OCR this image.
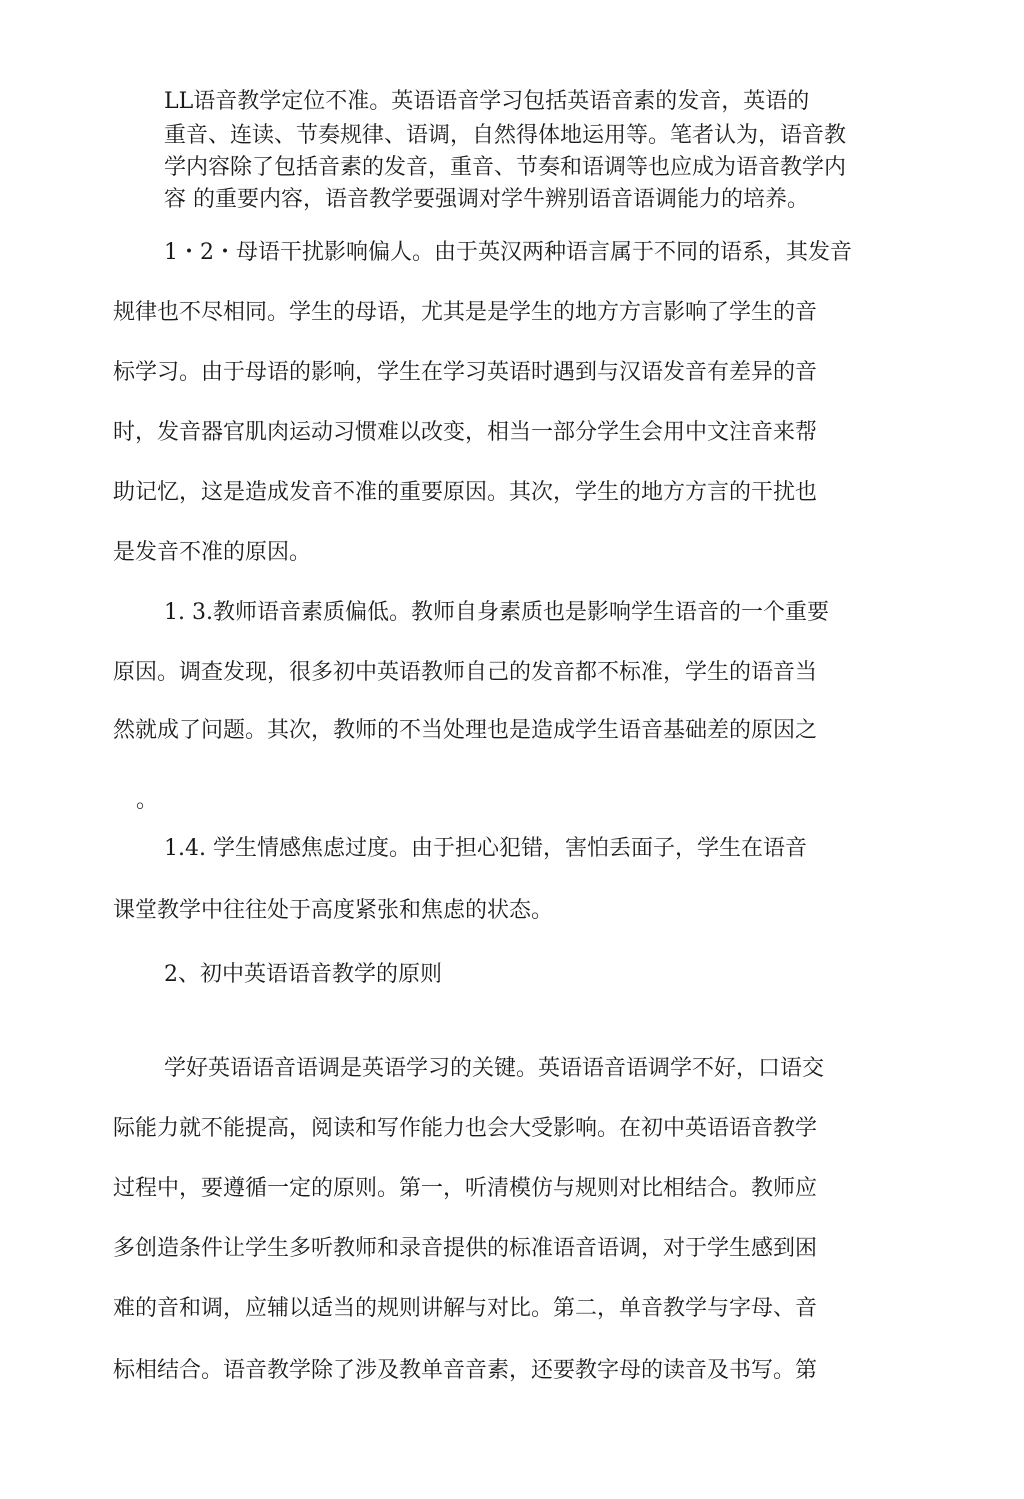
LL语音教学定位不准。英语语音学习包括英语音素的发音，英语的

重音、连读、节奏规律、语调，自然得体地运用等。笔者认为，语音教

学内容除了包括音素的发音，重音、节奏和语调等也应成为语音教学内

容 的重要内容，语音教学要强调对学牛辨别语音语调能力的培养。

1・2・母语干扰影响偏人。由于英汉两种语言属于不同的语系，其发音

规律也不尽相同。学生的母语，尤其是是学生的地方方言影响了学生的音

标学习。由于母语的影响，学生在学习英语时遇到与汉语发音有差异的音

时，发音器官肌肉运动习惯难以改变，相当一部分学生会用中文注音来帮

助记忆，这是造成发音不准的重要原因。其次，学生的地方方言的干扰也

是发音不准的原因。

1. 3.教师语音素质偏低。教师自身素质也是影响学生语音的一个重要

原因。调查发现，很多初中英语教师自己的发音都不标准，学生的语音当

然就成了问题。其次，教师的不当处理也是造成学生语音基础差的原因之

。

1.4. 学生情感焦虑过度。由于担心犯错，害怕丢面子，学生在语音

课堂教学中往往处于高度紧张和焦虑的状态。

2、初中英语语音教学的原则

学好英语语音语调是英语学习的关键。英语语音语调学不好，口语交

际能力就不能提高，阅读和写作能力也会大受影响。在初中英语语音教学

过程中，要遵循一定的原则。第一，听清模仿与规则对比相结合。教师应

多创造条件让学生多听教师和录音提供的标准语音语调，对于学生感到困

难的音和调，应辅以适当的规则讲解与对比。第二，单音教学与字母、音

标相结合。语音教学除了涉及教单音音素，还要教字母的读音及书写。第
